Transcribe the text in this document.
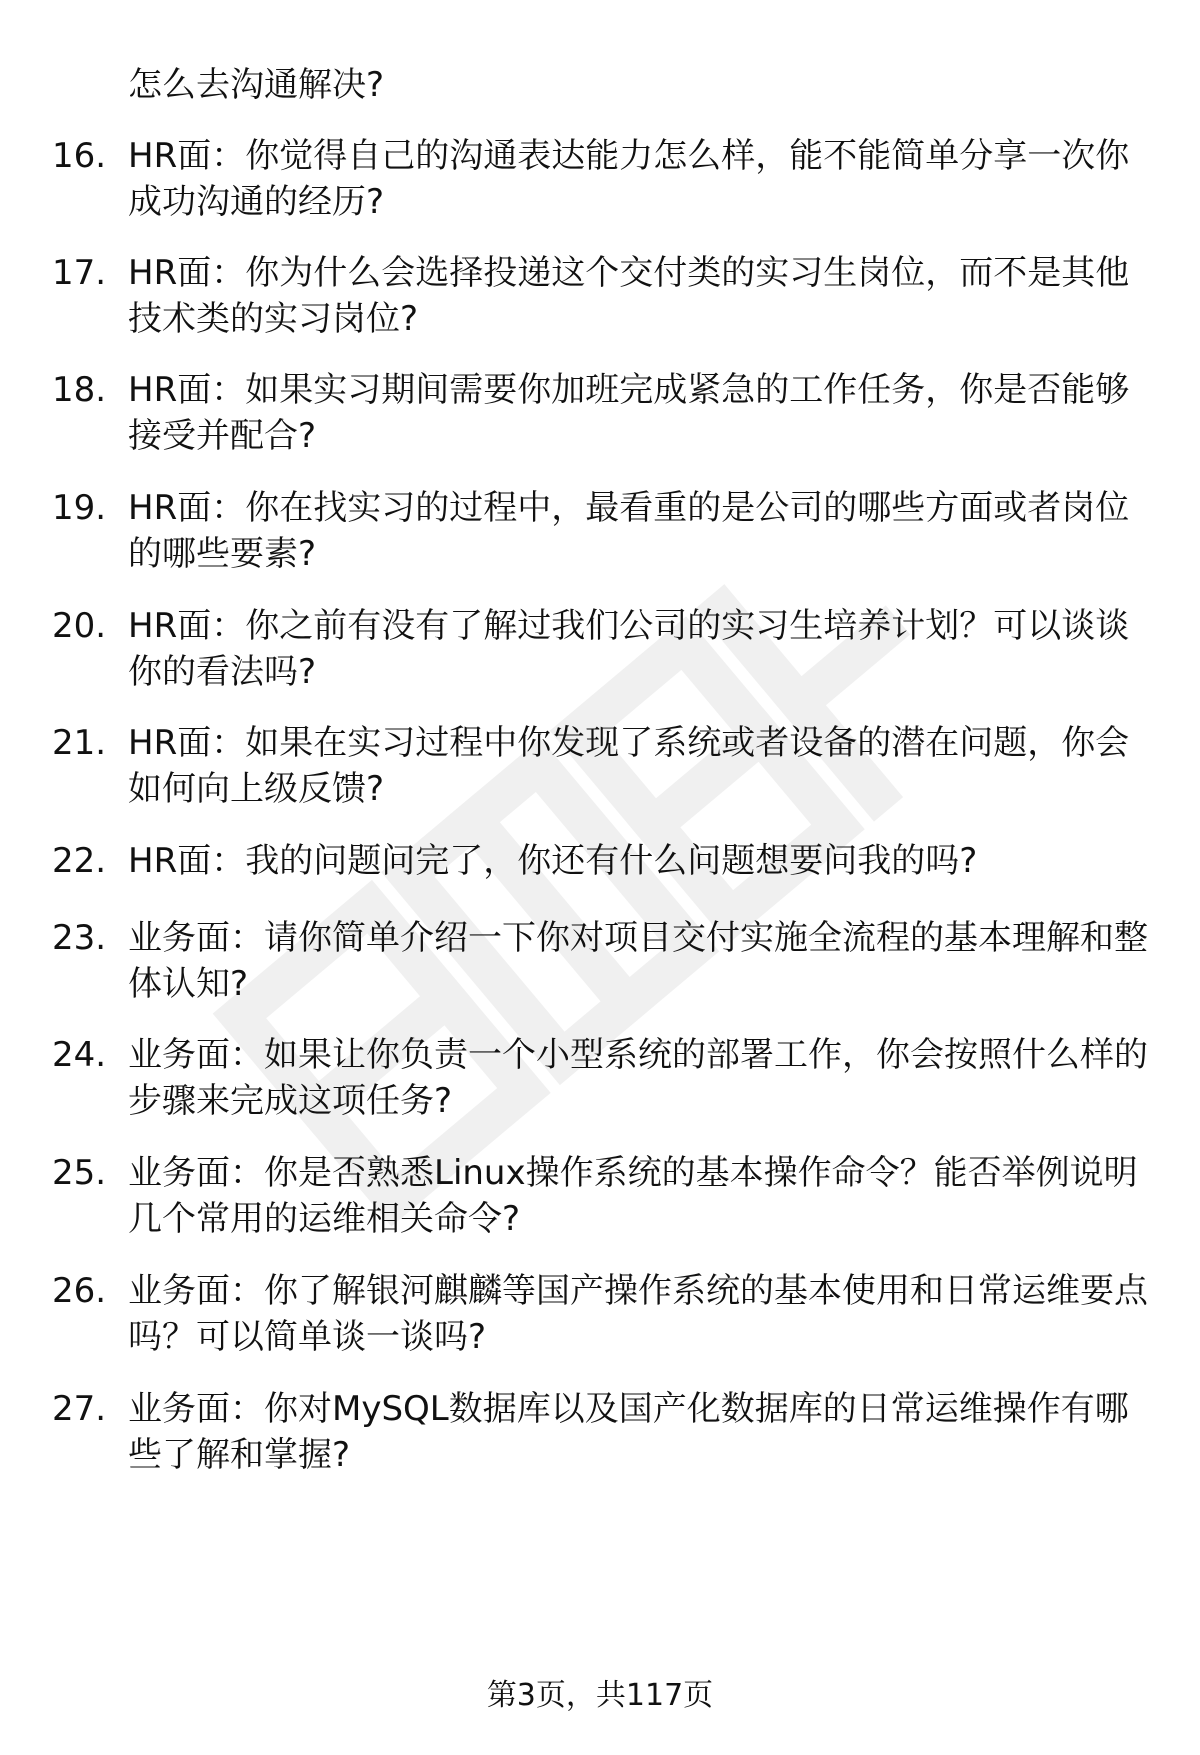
怎么去沟通解决?
16. HR面：你觉得自己的沟通表达能力怎么样，能不能简单分享一次你成功沟通的经历?
17. HR面：你为什么会选择投递这个交付类的实习生岗位，而不是其他技术类的实习岗位?
18. HR面：如果实习期间需要你加班完成紧急的工作任务，你是否能够接受并配合?
19. HR面：你在找实习的过程中，最看重的是公司的哪些方面或者岗位的哪些要素?
20. HR面：你之前有没有了解过我们公司的实习生培养计划？可以谈谈你的看法吗?
21. HR面：如果在实习过程中你发现了系统或者设备的潜在问题，你会如何向上级反馈?
22. HR面：我的问题问完了，你还有什么问题想要问我的吗?
23. 业务面：请你简单介绍一下你对项目交付实施全流程的基本理解和整体认知?
24. 业务面：如果让你负责一个小型系统的部署工作，你会按照什么样的步骤来完成这项任务?
25. 业务面：你是否熟悉Linux操作系统的基本操作命令？能否举例说明几个常用的运维相关命令?
26. 业务面：你了解银河麒麟等国产操作系统的基本使用和日常运维要点吗？可以简单谈一谈吗?
27. 业务面：你对MySQL数据库以及国产化数据库的日常运维操作有哪些了解和掌握?
第3页，共117页
